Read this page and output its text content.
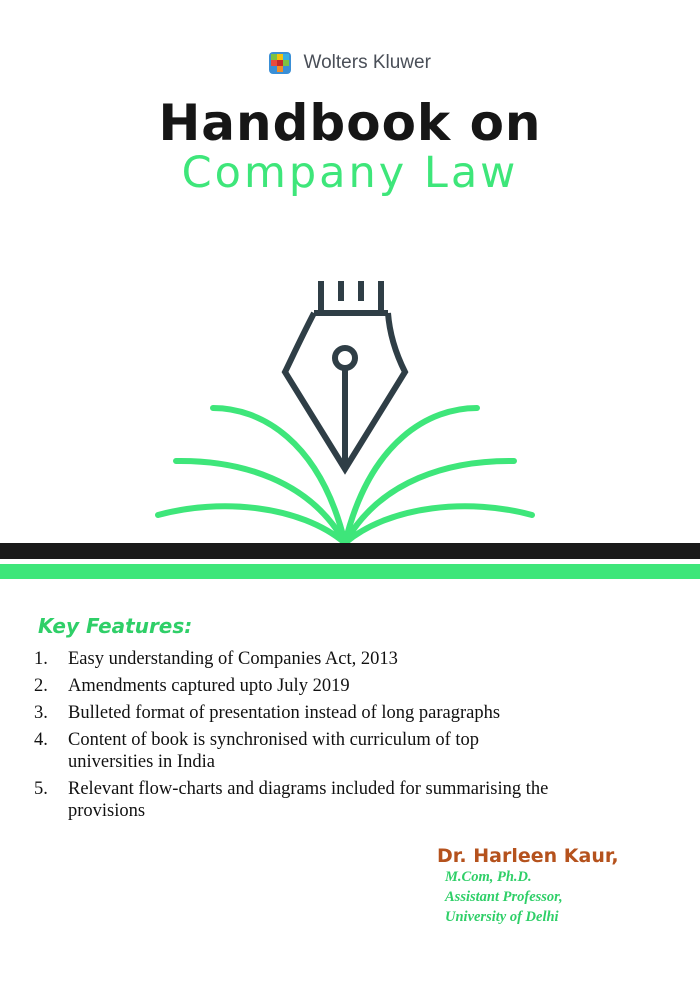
Wolters Kluwer
Handbook on
Company Law
Key Features:
1. Easy understanding of Companies Act, 2013
2. Amendments captured upto July 2019
3. Bulleted format of presentation instead of long paragraphs
4. Content of book is synchronised with curriculum of top universities in India
5. Relevant flow-charts and diagrams included for summarising the provisions
Dr. Harleen Kaur,
M.Com, Ph.D.
Assistant Professor,
University of Delhi
